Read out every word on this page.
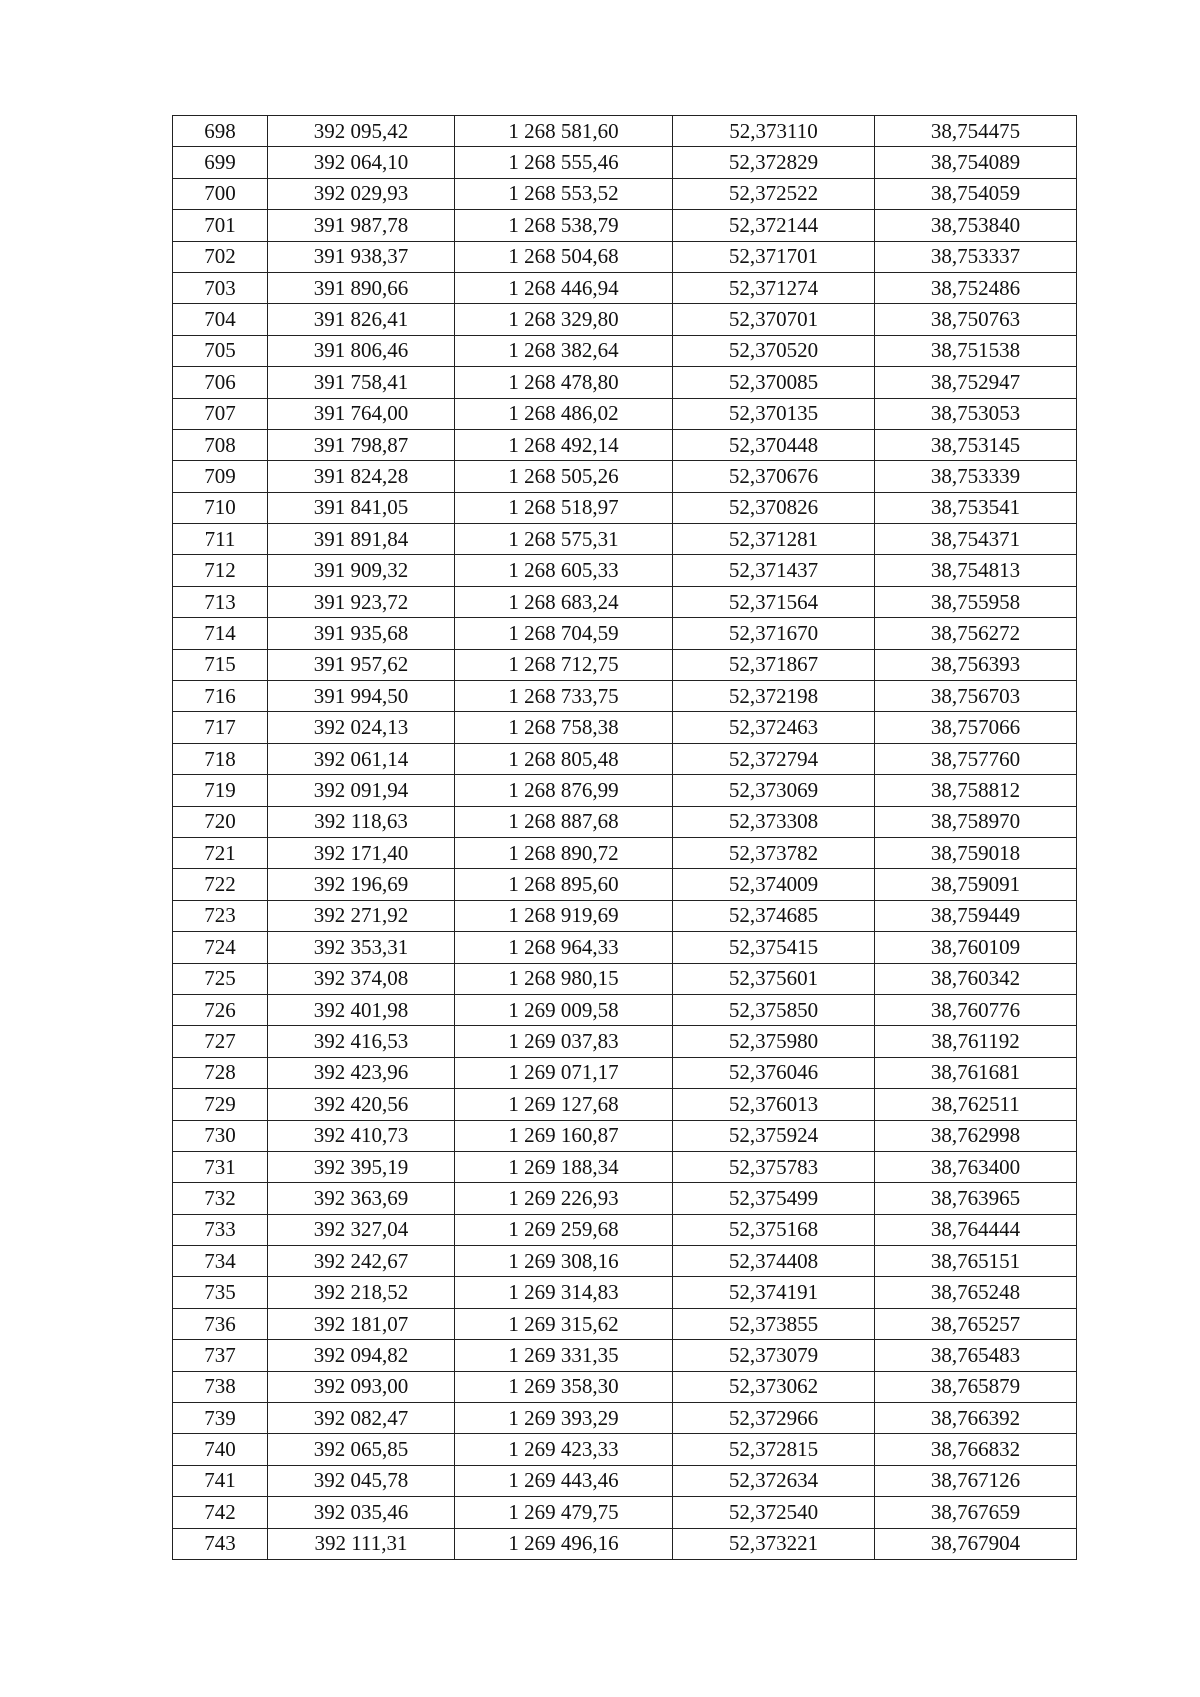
698	392 095,42	1 268 581,60	52,373110	38,754475
699	392 064,10	1 268 555,46	52,372829	38,754089
700	392 029,93	1 268 553,52	52,372522	38,754059
701	391 987,78	1 268 538,79	52,372144	38,753840
702	391 938,37	1 268 504,68	52,371701	38,753337
703	391 890,66	1 268 446,94	52,371274	38,752486
704	391 826,41	1 268 329,80	52,370701	38,750763
705	391 806,46	1 268 382,64	52,370520	38,751538
706	391 758,41	1 268 478,80	52,370085	38,752947
707	391 764,00	1 268 486,02	52,370135	38,753053
708	391 798,87	1 268 492,14	52,370448	38,753145
709	391 824,28	1 268 505,26	52,370676	38,753339
710	391 841,05	1 268 518,97	52,370826	38,753541
711	391 891,84	1 268 575,31	52,371281	38,754371
712	391 909,32	1 268 605,33	52,371437	38,754813
713	391 923,72	1 268 683,24	52,371564	38,755958
714	391 935,68	1 268 704,59	52,371670	38,756272
715	391 957,62	1 268 712,75	52,371867	38,756393
716	391 994,50	1 268 733,75	52,372198	38,756703
717	392 024,13	1 268 758,38	52,372463	38,757066
718	392 061,14	1 268 805,48	52,372794	38,757760
719	392 091,94	1 268 876,99	52,373069	38,758812
720	392 118,63	1 268 887,68	52,373308	38,758970
721	392 171,40	1 268 890,72	52,373782	38,759018
722	392 196,69	1 268 895,60	52,374009	38,759091
723	392 271,92	1 268 919,69	52,374685	38,759449
724	392 353,31	1 268 964,33	52,375415	38,760109
725	392 374,08	1 268 980,15	52,375601	38,760342
726	392 401,98	1 269 009,58	52,375850	38,760776
727	392 416,53	1 269 037,83	52,375980	38,761192
728	392 423,96	1 269 071,17	52,376046	38,761681
729	392 420,56	1 269 127,68	52,376013	38,762511
730	392 410,73	1 269 160,87	52,375924	38,762998
731	392 395,19	1 269 188,34	52,375783	38,763400
732	392 363,69	1 269 226,93	52,375499	38,763965
733	392 327,04	1 269 259,68	52,375168	38,764444
734	392 242,67	1 269 308,16	52,374408	38,765151
735	392 218,52	1 269 314,83	52,374191	38,765248
736	392 181,07	1 269 315,62	52,373855	38,765257
737	392 094,82	1 269 331,35	52,373079	38,765483
738	392 093,00	1 269 358,30	52,373062	38,765879
739	392 082,47	1 269 393,29	52,372966	38,766392
740	392 065,85	1 269 423,33	52,372815	38,766832
741	392 045,78	1 269 443,46	52,372634	38,767126
742	392 035,46	1 269 479,75	52,372540	38,767659
743	392 111,31	1 269 496,16	52,373221	38,767904
